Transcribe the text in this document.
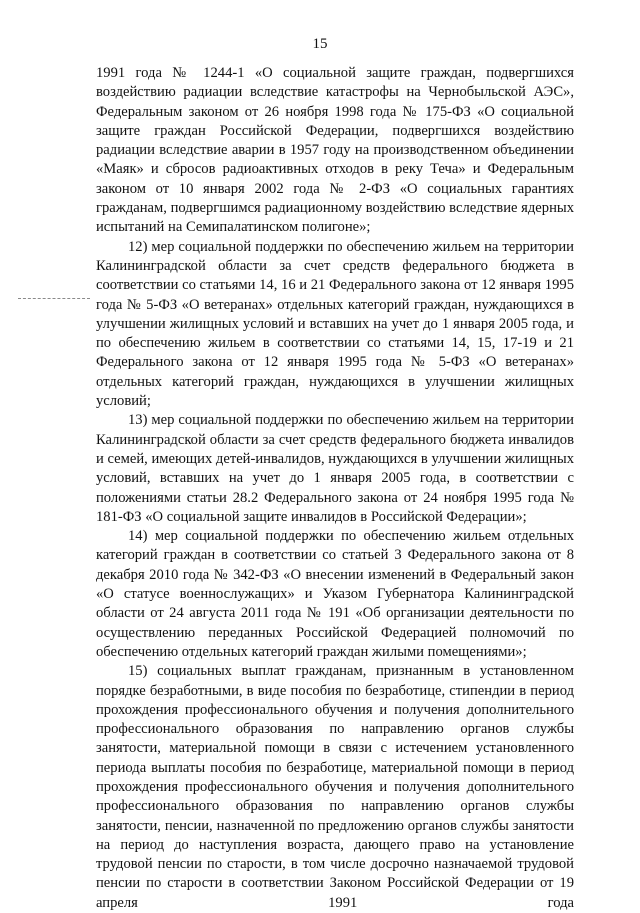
15

1991 года № 1244-1 «О социальной защите граждан, подвергшихся воздействию радиации вследствие катастрофы на Чернобыльской АЭС», Федеральным законом от 26 ноября 1998 года № 175-ФЗ «О социальной защите граждан Российской Федерации, подвергшихся воздействию радиации вследствие аварии в 1957 году на производственном объединении «Маяк» и сбросов радиоактивных отходов в реку Теча» и Федеральным законом от 10 января 2002 года № 2-ФЗ «О социальных гарантиях гражданам, подвергшимся радиационному воздействию вследствие ядерных испытаний на Семипалатинском полигоне»;

12) мер социальной поддержки по обеспечению жильем на территории Калининградской области за счет средств федерального бюджета в соответствии со статьями 14, 16 и 21 Федерального закона от 12 января 1995 года № 5-ФЗ «О ветеранах» отдельных категорий граждан, нуждающихся в улучшении жилищных условий и вставших на учет до 1 января 2005 года, и по обеспечению жильем в соответствии со статьями 14, 15, 17-19 и 21 Федерального закона от 12 января 1995 года № 5-ФЗ «О ветеранах» отдельных категорий граждан, нуждающихся в улучшении жилищных условий;

13) мер социальной поддержки по обеспечению жильем на территории Калининградской области за счет средств федерального бюджета инвалидов и семей, имеющих детей-инвалидов, нуждающихся в улучшении жилищных условий, вставших на учет до 1 января 2005 года, в соответствии с положениями статьи 28.2 Федерального закона от 24 ноября 1995 года № 181-ФЗ «О социальной защите инвалидов в Российской Федерации»;

14) мер социальной поддержки по обеспечению жильем отдельных категорий граждан в соответствии со статьей 3 Федерального закона от 8 декабря 2010 года № 342-ФЗ «О внесении изменений в Федеральный закон «О статусе военнослужащих» и Указом Губернатора Калининградской области от 24 августа 2011 года № 191 «Об организации деятельности по осуществлению переданных Российской Федерацией полномочий по обеспечению отдельных категорий граждан жилыми помещениями»;

15) социальных выплат гражданам, признанным в установленном порядке безработными, в виде пособия по безработице, стипендии в период прохождения профессионального обучения и получения дополнительного профессионального образования по направлению органов службы занятости, материальной помощи в связи с истечением установленного периода выплаты пособия по безработице, материальной помощи в период прохождения профессионального обучения и получения дополнительного профессионального образования по направлению органов службы занятости, пенсии, назначенной по предложению органов службы занятости на период до наступления возраста, дающего право на установление трудовой пенсии по старости, в том числе досрочно назначаемой трудовой пенсии по старости в соответствии Законом Российской Федерации от 19 апреля 1991 года
